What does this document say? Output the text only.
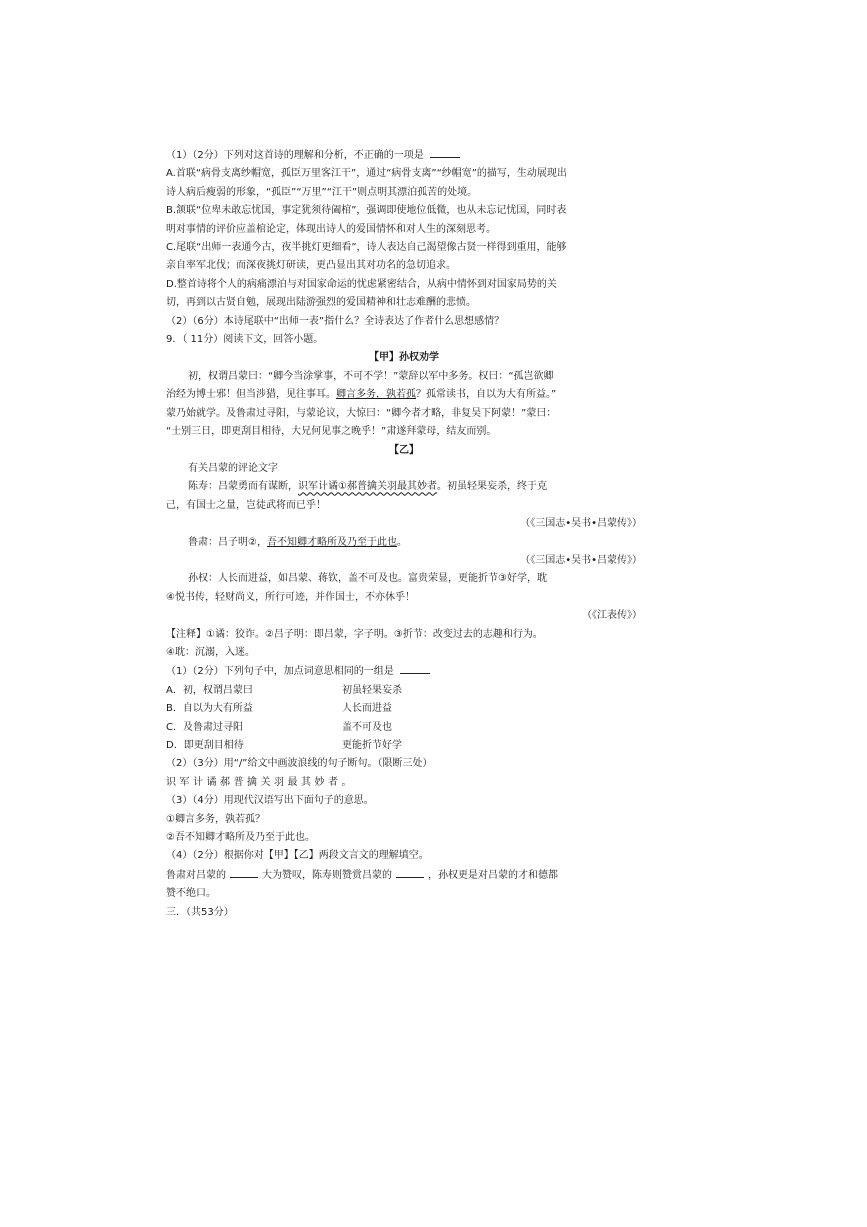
（1）（2分）下列对这首诗的理解和分析，不正确的一项是
A.首联“病骨支离纱帽宽，孤臣万里客江干”，通过“病骨支离”“纱帽宽”的描写，生动展现出
诗人病后瘦弱的形象，“孤臣”“万里”“江干”则点明其漂泊孤苦的处境。
B.颔联“位卑未敢忘忧国，事定犹须待阖棺”，强调即使地位低微，也从未忘记忧国，同时表
明对事情的评价应盖棺论定，体现出诗人的爱国情怀和对人生的深刻思考。
C.尾联“出师一表通今古，夜半挑灯更细看”，诗人表达自己渴望像古贤一样得到重用，能够
亲自率军北伐；而深夜挑灯研读，更凸显出其对功名的急切追求。
D.整首诗将个人的病痛漂泊与对国家命运的忧虑紧密结合，从病中情怀到对国家局势的关
切，再到以古贤自勉，展现出陆游强烈的爱国精神和壮志难酬的悲愤。
（2）（6分）本诗尾联中“出师一表”指什么？全诗表达了作者什么思想感情？
9．（ 11分）阅读下文，回答小题。
【甲】孙权劝学
初，权谓吕蒙曰：“卿今当涂掌事，不可不学！”蒙辞以军中多务。权曰：“孤岂欲卿
治经为博士邪！但当涉猎，见往事耳。卿言多务，孰若孤？孤常读书，自以为大有所益。”
蒙乃始就学。及鲁肃过寻阳，与蒙论议，大惊曰：“卿今者才略，非复吴下阿蒙！”蒙曰：
“士别三日，即更刮目相待，大兄何见事之晚乎！”肃遂拜蒙母，结友而别。
【乙】
有关吕蒙的评论文字
陈寿：吕蒙勇而有谋断，识军计谲①郝普擒关羽最其妙者。初虽轻果妄杀，终于克
己，有国士之量，岂徒武将而已乎！
（《三国志•吴书•吕蒙传》）
鲁肃：吕子明②，吾不知卿才略所及乃至于此也。
（《三国志•吴书•吕蒙传》）
孙权：人长而进益，如吕蒙、蒋钦，盖不可及也。富贵荣显，更能折节③好学，耽
④悦书传，轻财尚义，所行可迹，并作国士，不亦休乎！
（《江表传》）
【注释】①谲：狡诈。②吕子明：即吕蒙，字子明。③折节：改变过去的志趣和行为。
④耽：沉溺，入迷。
（1）（2分）下列句子中，加点词意思相同的一组是
A．初，权谓吕蒙曰	初虽轻果妄杀
B．自以为大有所益	人长而进益
C．及鲁肃过寻阳	盖不可及也
D．即更刮目相待	更能折节好学
（2）（3分）用“/”给文中画波浪线的句子断句。（限断三处）
识军计谲郝普擒关羽最其妙者。
（3）（4分）用现代汉语写出下面句子的意思。
①卿言多务，孰若孤？
②吾不知卿才略所及乃至于此也。
（4）（2分）根据你对【甲】【乙】两段文言文的理解填空。
鲁肃对吕蒙的	大为赞叹，陈寿则赞赏吕蒙的	，孙权更是对吕蒙的才和德都
赞不绝口。
三．（共53分）
